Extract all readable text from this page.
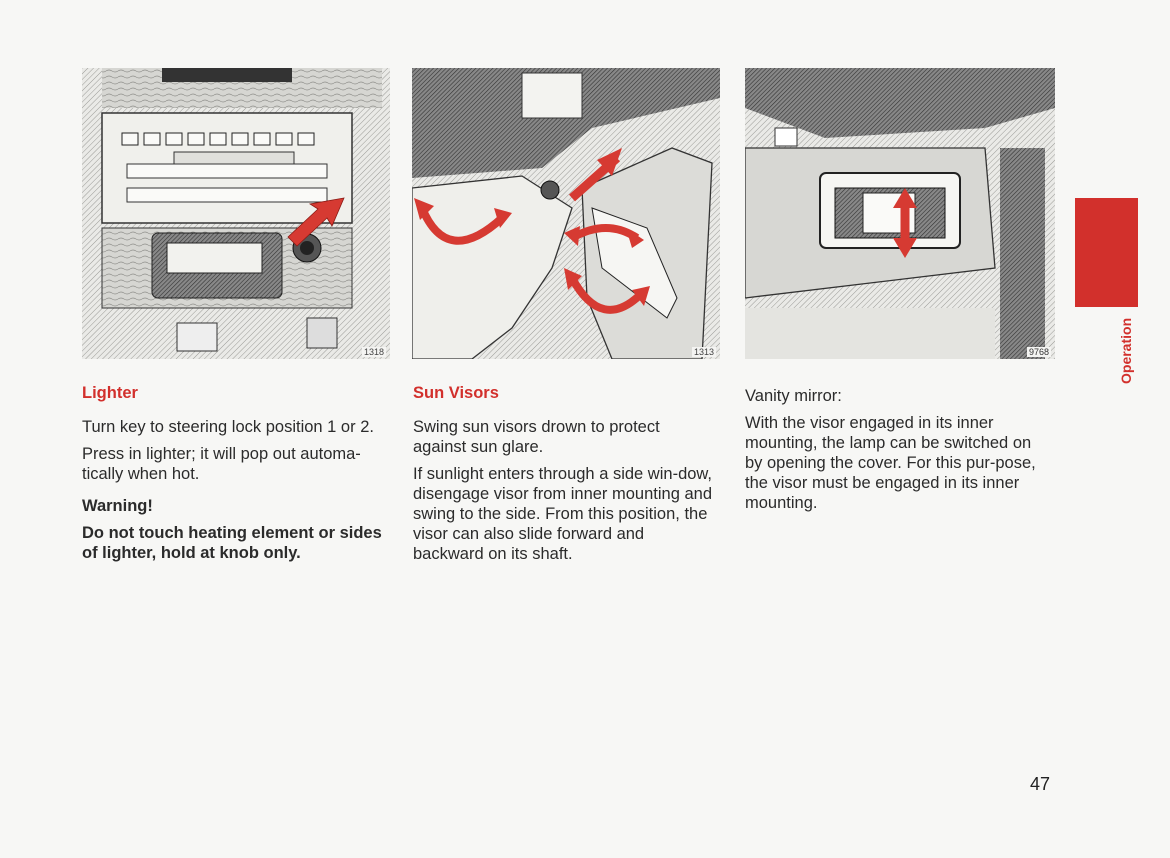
1318	1313	9768
Lighter

Turn key to steering lock position 1 or 2.

Press in lighter; it will pop out automa-tically when hot.

Warning!

Do not touch heating element or sides of lighter, hold at knob only.

Sun Visors

Swing sun visors drown to protect against sun glare.

If sunlight enters through a side win-dow, disengage visor from inner mounting and swing to the side. From this position, the visor can also slide forward and backward on its shaft.

Vanity mirror:

With the visor engaged in its inner mounting, the lamp can be switched on by opening the cover. For this pur-pose, the visor must be engaged in its inner mounting.

Operation
47
